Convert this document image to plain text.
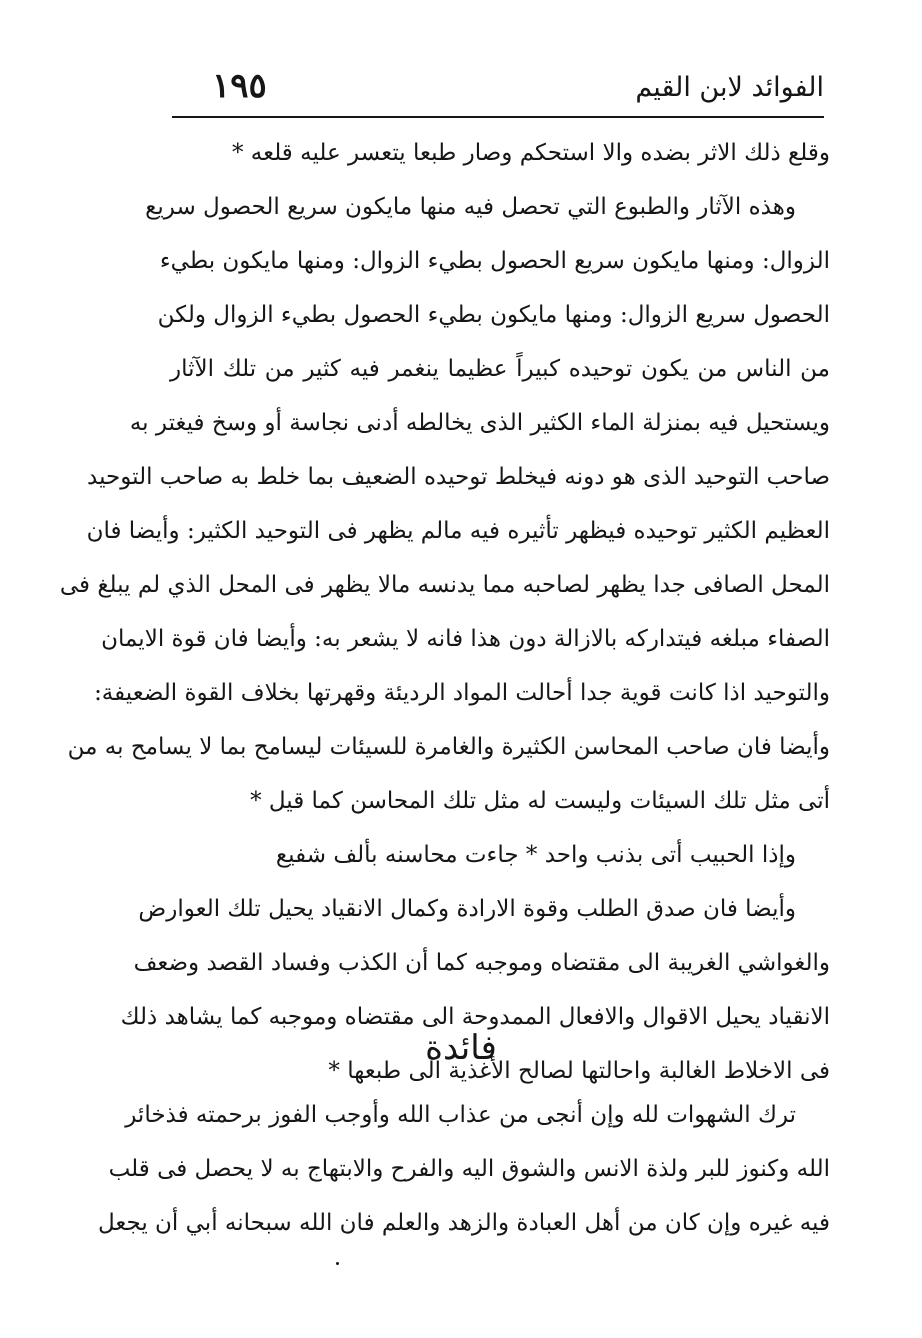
الفوائد لابن القيم
١٩٥
وقلع ذلك الاثر بضده والا استحكم وصار طبعا يتعسر عليه قلعه *
وهذه الآثار والطبوع التي تحصل فيه منها مايكون سريع الحصول سريع
الزوال: ومنها مايكون سريع الحصول بطيء الزوال: ومنها مايكون بطيء
الحصول سريع الزوال: ومنها مايكون بطيء الحصول بطيء الزوال ولكن
من الناس من يكون توحيده كبيراً عظيما ينغمر فيه كثير من تلك الآثار
ويستحيل فيه بمنزلة الماء الكثير الذى يخالطه أدنى نجاسة أو وسخ فيغتر به
صاحب التوحيد الذى هو دونه فيخلط توحيده الضعيف بما خلط به صاحب التوحيد
العظيم الكثير توحيده فيظهر تأثيره فيه مالم يظهر فى التوحيد الكثير: وأيضا فان
المحل الصافى جدا يظهر لصاحبه مما يدنسه مالا يظهر فى المحل الذي لم يبلغ فى
الصفاء مبلغه فيتداركه بالازالة دون هذا فانه لا يشعر به: وأيضا فان قوة الايمان
والتوحيد اذا كانت قوية جدا أحالت المواد الرديئة وقهرتها بخلاف القوة الضعيفة:
وأيضا فان صاحب المحاسن الكثيرة والغامرة للسيئات ليسامح بما لا يسامح به من
أتى مثل تلك السيئات وليست له مثل تلك المحاسن كما قيل *
وإذا الحبيب أتى بذنب واحد * جاءت محاسنه بألف شفيع
وأيضا فان صدق الطلب وقوة الارادة وكمال الانقياد يحيل تلك العوارض
والغواشي الغريبة الى مقتضاه وموجبه كما أن الكذب وفساد القصد وضعف
الانقياد يحيل الاقوال والافعال الممدوحة الى مقتضاه وموجبه كما يشاهد ذلك
فى الاخلاط الغالبة واحالتها لصالح الأغذية الى طبعها *
فائدة
ترك الشهوات لله وإن أنجى من عذاب الله وأوجب الفوز برحمته فذخائر
الله وكنوز للبر ولذة الانس والشوق اليه والفرح والابتهاج به لا يحصل فى قلب
فيه غيره وإن كان من أهل العبادة والزهد والعلم فان الله سبحانه أبي أن يجعل
